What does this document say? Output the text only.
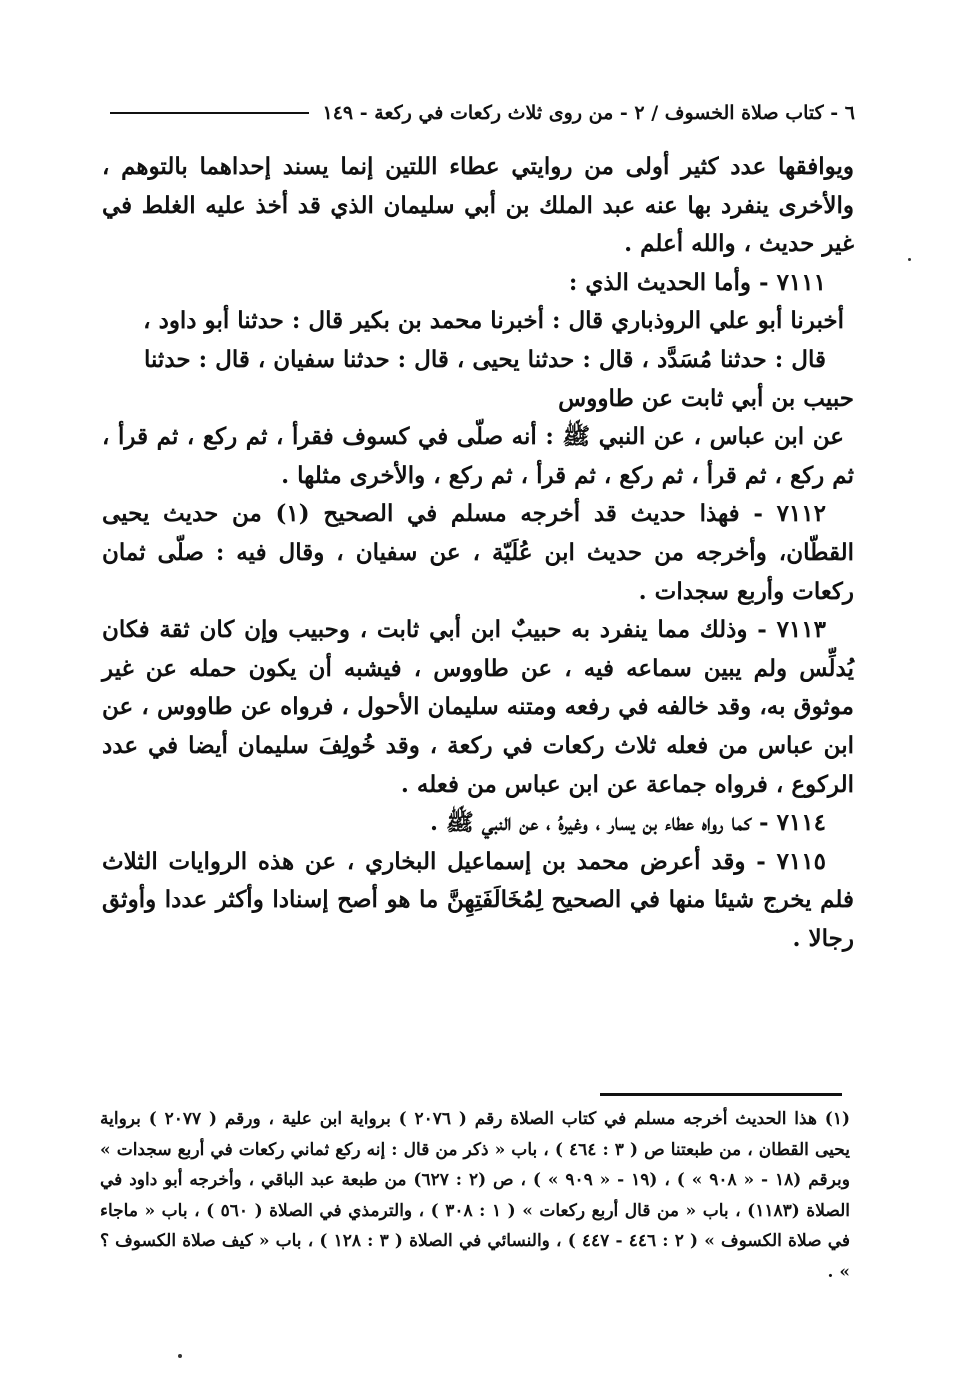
٦ - كتاب صلاة الخسوف / ٢ - من روى ثلاث ركعات في ركعة - ١٤٩

ويوافقها عدد كثير أولى من روايتي عطاء اللتين إنما يسند إحداهما بالتوهم ، والأخرى ينفرد بها عنه عبد الملك بن أبي سليمان الذي قد أخذ عليه الغلط في غير حديث ، والله أعلم .

٧١١١ - وأما الحديث الذي :

أخبرنا أبو علي الروذباري قال : أخبرنا محمد بن بكير قال : حدثنا أبو داود ،

قال : حدثنا مُسَدَّد ، قال : حدثنا يحيى ، قال : حدثنا سفيان ، قال : حدثنا

حبيب بن أبي ثابت عن طاووس

عن ابن عباس ، عن النبي ﷺ : أنه صلّى في كسوف فقرأ ، ثم ركع ، ثم قرأ ، ثم ركع ، ثم قرأ ، ثم ركع ، ثم قرأ ، ثم ركع ، والأخرى مثلها .

٧١١٢ - فهذا حديث قد أخرجه مسلم في الصحيح (١) من حديث يحيى القطّان، وأخرجه من حديث ابن عُلَيّة ، عن سفيان ، وقال فيه : صلّى ثمان ركعات وأربع سجدات .

٧١١٣ - وذلك مما ينفرد به حبيبٌ ابن أبي ثابت ، وحبيب وإن كان ثقة فكان يُدلِّس ولم يبين سماعه فيه ، عن طاووس ، فيشبه أن يكون حمله عن غير موثوق به، وقد خالفه في رفعه ومتنه سليمان الأحول ، فرواه عن طاووس ، عن ابن عباس من فعله ثلاث ركعات في ركعة ، وقد خُولِفَ سليمان أيضا في عدد الركوع ، فرواه جماعة عن ابن عباس من فعله .

٧١١٤ - كما رواه عطاء بن يسار ، وغيرهُ ، عن النبي ﷺ .

٧١١٥ - وقد أعرض محمد بن إسماعيل البخاري ، عن هذه الروايات الثلاث فلم يخرج شيئا منها في الصحيح لِمُخَالَفَتِهِنَّ ما هو أصح إسنادا وأكثر عددا وأوثق رجالا .

(١) هذا الحديث أخرجه مسلم في كتاب الصلاة رقم ( ٢٠٧٦ ) برواية ابن علية ، ورقم ( ٢٠٧٧ ) برواية يحيى القطان ، من طبعتنا ص ( ٣ : ٤٦٤ ) ، باب « ذكر من قال : إنه ركع ثماني ركعات في أربع سجدات » وبرقم (١٨ - « ٩٠٨ » ) ، (١٩ - « ٩٠٩ » ) ، ص (٢ : ٦٢٧) من طبعة عبد الباقي ، وأخرجه أبو داود في الصلاة (١١٨٣) ، باب « من قال أربع ركعات » ( ١ : ٣٠٨ ) ، والترمذي في الصلاة ( ٥٦٠ ) ، باب « ماجاء في صلاة الكسوف » ( ٢ : ٤٤٦ - ٤٤٧ ) ، والنسائي في الصلاة ( ٣ : ١٢٨ ) ، باب « كيف صلاة الكسوف ؟ » .
